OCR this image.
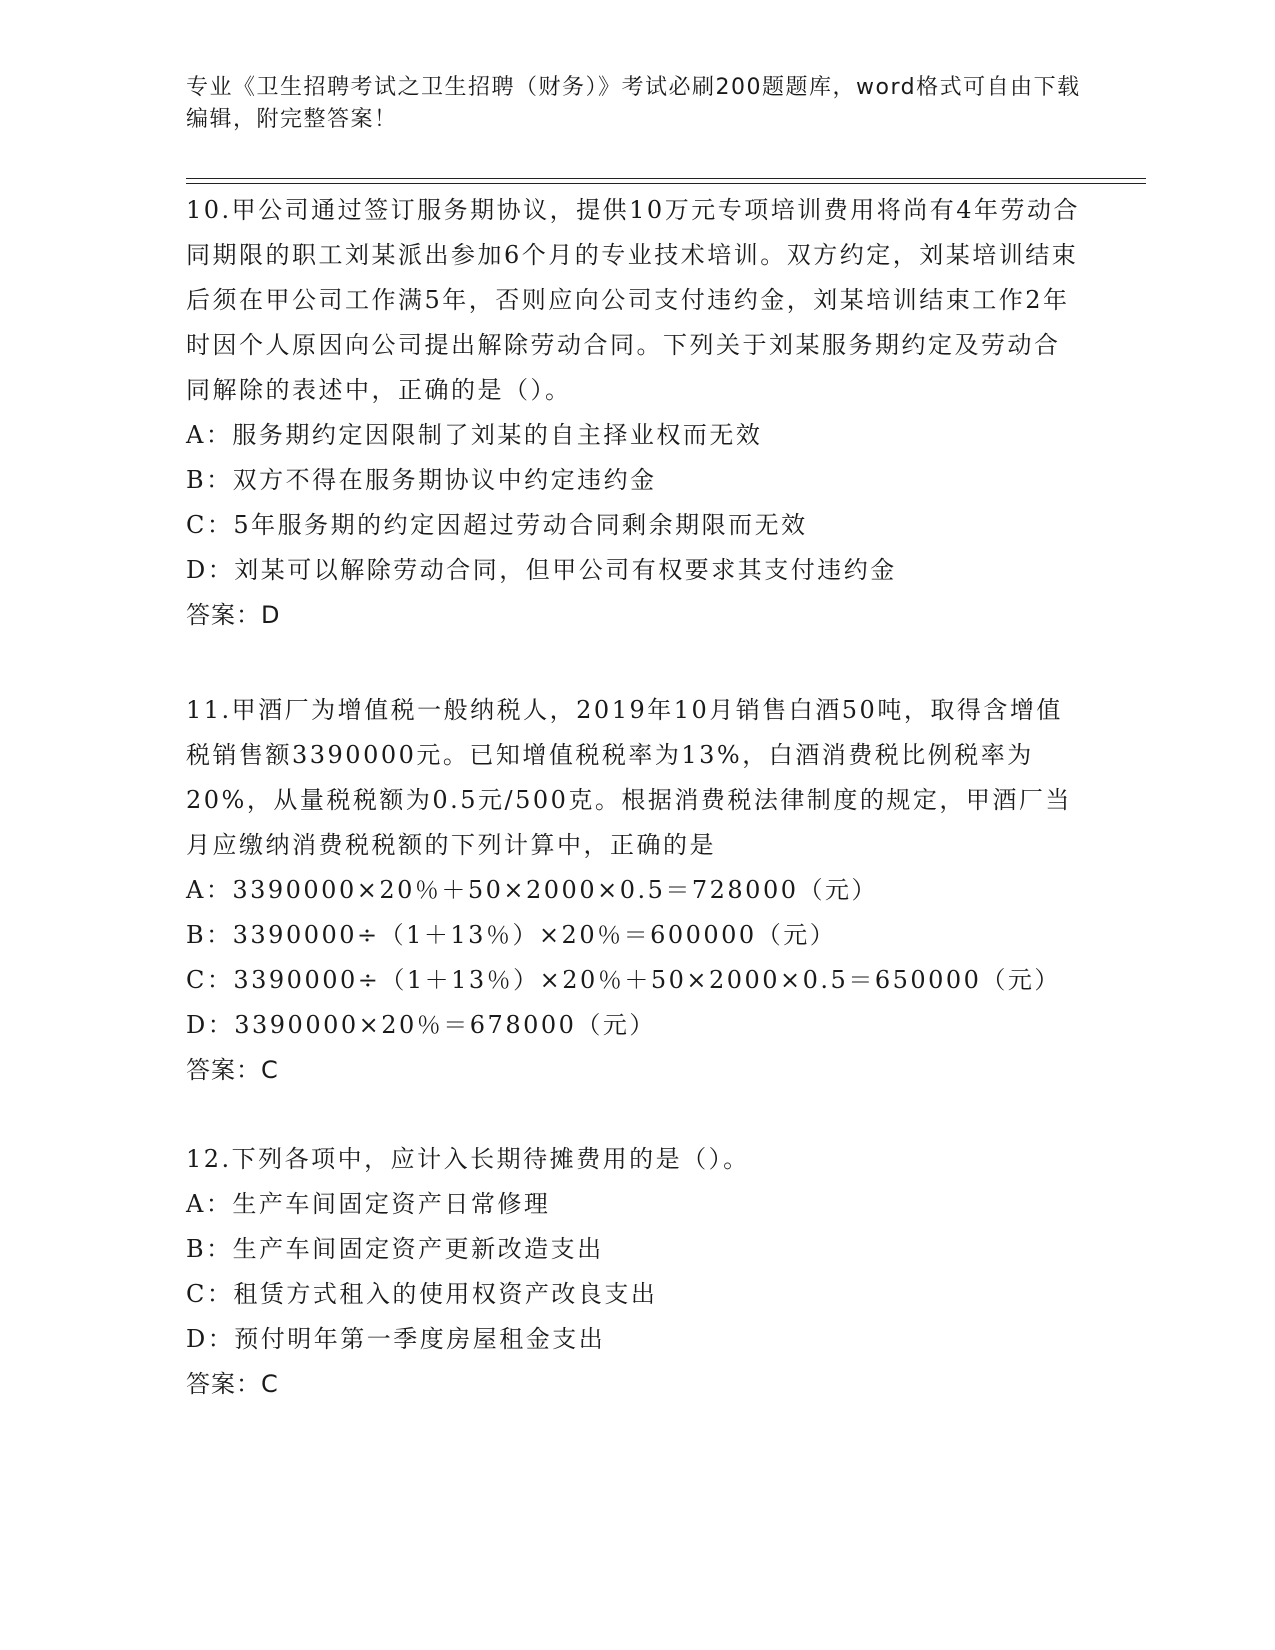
专业《卫生招聘考试之卫生招聘（财务）》考试必刷200题题库，word格式可自由下载编辑，附完整答案！
10.甲公司通过签订服务期协议，提供10万元专项培训费用将尚有4年劳动合同期限的职工刘某派出参加6个月的专业技术培训。双方约定，刘某培训结束后须在甲公司工作满5年，否则应向公司支付违约金，刘某培训结束工作2年时因个人原因向公司提出解除劳动合同。下列关于刘某服务期约定及劳动合同解除的表述中，正确的是（）。
A：服务期约定因限制了刘某的自主择业权而无效
B：双方不得在服务期协议中约定违约金
C：5年服务期的约定因超过劳动合同剩余期限而无效
D：刘某可以解除劳动合同，但甲公司有权要求其支付违约金
答案：D
11.甲酒厂为增值税一般纳税人，2019年10月销售白酒50吨，取得含增值税销售额3390000元。已知增值税税率为13%，白酒消费税比例税率为20%，从量税税额为0.5元/500克。根据消费税法律制度的规定，甲酒厂当月应缴纳消费税税额的下列计算中，正确的是
A：3390000×20％＋50×2000×0.5＝728000（元）
B：3390000÷（1＋13％）×20％＝600000（元）
C：3390000÷（1＋13％）×20％＋50×2000×0.5＝650000（元）
D：3390000×20％＝678000（元）
答案：C
12.下列各项中，应计入长期待摊费用的是（）。
A：生产车间固定资产日常修理
B：生产车间固定资产更新改造支出
C：租赁方式租入的使用权资产改良支出
D：预付明年第一季度房屋租金支出
答案：C
